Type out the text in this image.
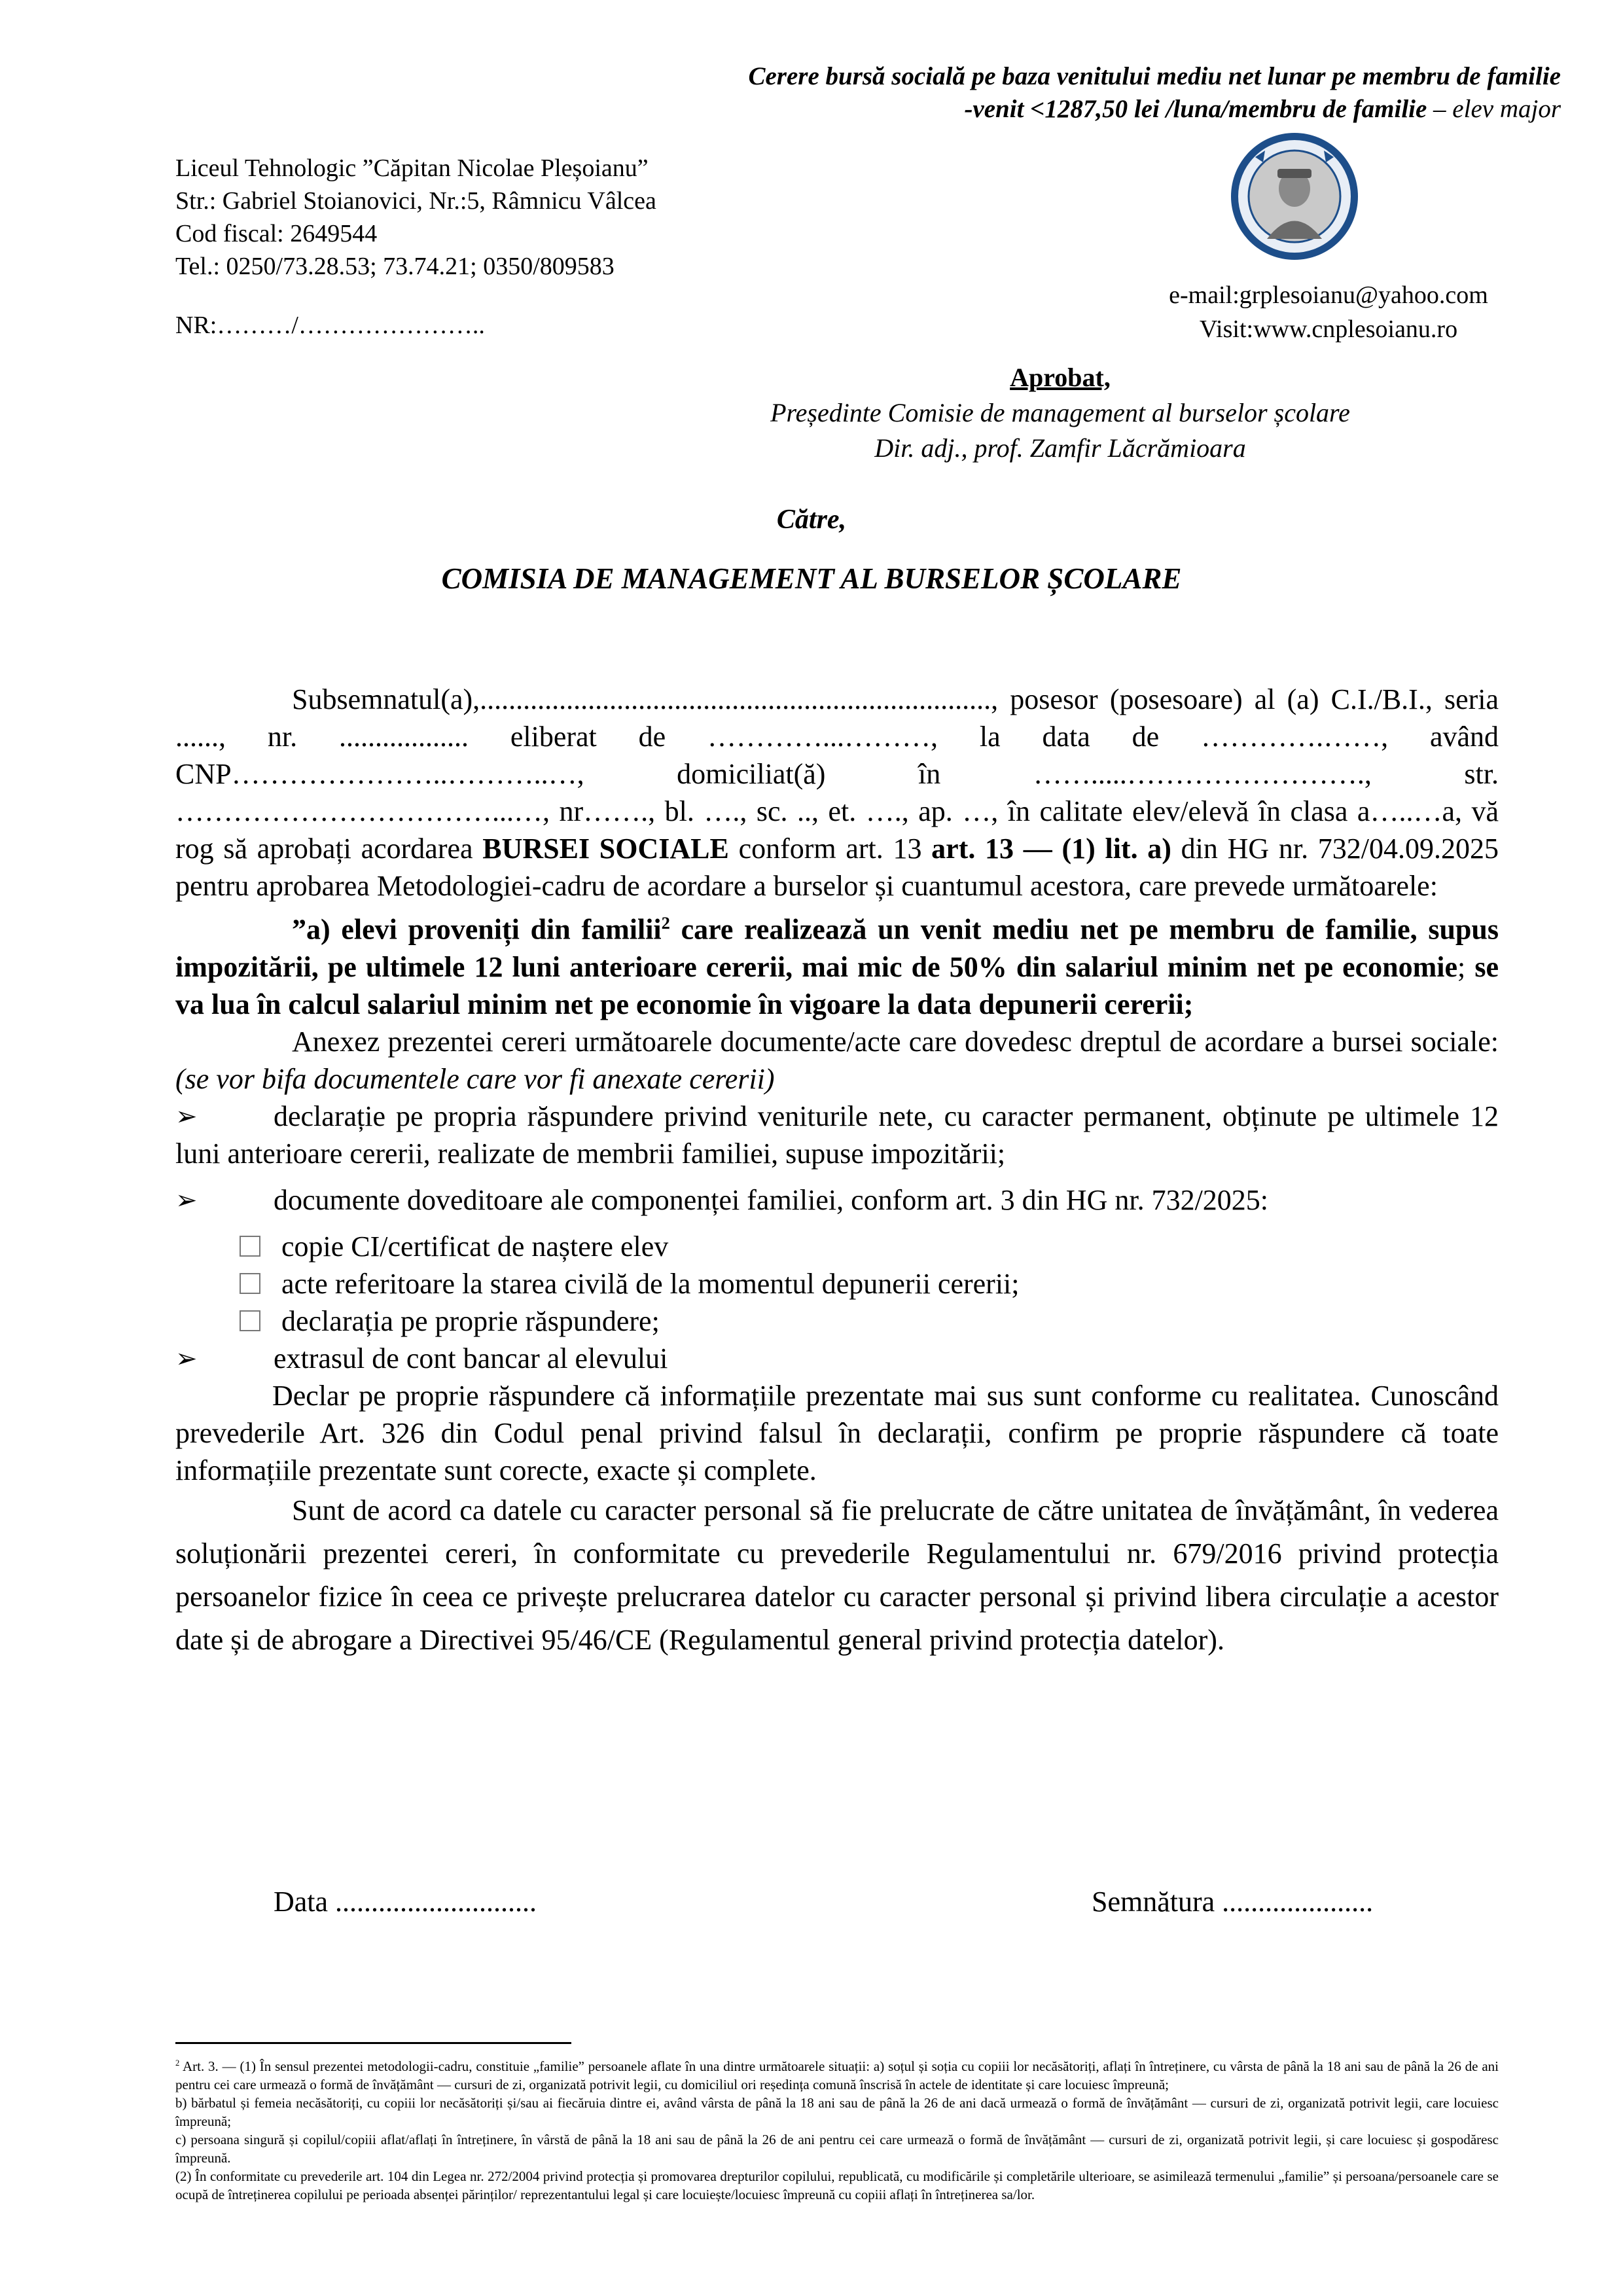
Cerere bursă socială pe baza venitului mediu net lunar pe membru de familie
-venit <1287,50 lei /luna/membru de familie – elev major
Liceul Tehnologic ”Căpitan Nicolae Pleșoianu”
Str.: Gabriel Stoianovici, Nr.:5, Râmnicu Vâlcea
Cod fiscal: 2649544
Tel.: 0250/73.28.53; 73.74.21; 0350/809583
NR:………/…………………..
e-mail:grplesoianu@yahoo.com
Visit:www.cnplesoianu.ro
Aprobat,
Președinte Comisie de management al burselor școlare
Dir. adj., prof. Zamfir Lăcrămioara
Către,
COMISIA DE MANAGEMENT AL BURSELOR ȘCOLARE

Subsemnatul(a),......................................................................., posesor (posesoare) al (a) C.I./B.I., seria ......, nr. .................. eliberat de …………...………, la data de ………….……, având CNP…………………..………..…, domiciliat(ă) în …….....……………………., str. ……………………………...…, nr……., bl. …., sc. .., et. …., ap. …, în calitate elev/elevă în clasa a…..…a, vă rog să aprobați acordarea BURSEI SOCIALE conform art. 13 art. 13 — (1) lit. a) din HG nr. 732/04.09.2025 pentru aprobarea Metodologiei-cadru de acordare a burselor și cuantumul acestora, care prevede următoarele:

”a) elevi proveniți din familii$^2$ care realizează un venit mediu net pe membru de familie, supus impozitării, pe ultimele 12 luni anterioare cererii, mai mic de 50% din salariul minim net pe economie; se va lua în calcul salariul minim net pe economie în vigoare la data depunerii cererii;

Anexez prezentei cereri următoarele documente/acte care dovedesc dreptul de acordare a bursei sociale: (se vor bifa documentele care vor fi anexate cererii)

➢	declarație pe propria răspundere privind veniturile nete, cu caracter permanent, obținute pe ultimele 12 luni anterioare cererii, realizate de membrii familiei, supuse impozitării;
➢	documente doveditoare ale componenței familiei, conform art. 3 din HG nr. 732/2025:
copie CI/certificat de naștere elev
acte referitoare la starea civilă de la momentul depunerii cererii;
declarația pe proprie răspundere;
➢	extrasul de cont bancar al elevului

Declar pe proprie răspundere că informațiile prezentate mai sus sunt conforme cu realitatea. Cunoscând prevederile Art. 326 din Codul penal privind falsul în declarații, confirm pe proprie răspundere că toate informațiile prezentate sunt corecte, exacte și complete.

Sunt de acord ca datele cu caracter personal să fie prelucrate de către unitatea de învățământ, în vederea soluționării prezentei cereri, în conformitate cu prevederile Regulamentului nr. 679/2016 privind protecția persoanelor fizice în ceea ce privește prelucrarea datelor cu caracter personal și privind libera circulație a acestor date și de abrogare a Directivei 95/46/CE (Regulamentul general privind protecția datelor).

Data ............................	Semnătura .....................

$^2$ Art. 3. — (1) În sensul prezentei metodologii-cadru, constituie „familie” persoanele aflate în una dintre următoarele situații: a) soțul și soția cu copiii lor necăsătoriți, aflați în întreținere, cu vârsta de până la 18 ani sau de până la 26 de ani pentru cei care urmează o formă de învățământ — cursuri de zi, organizată potrivit legii, cu domiciliul ori reședința comună înscrisă în actele de identitate și care locuiesc împreună;

b) bărbatul și femeia necăsătoriți, cu copiii lor necăsătoriți și/sau ai fiecăruia dintre ei, având vârsta de până la 18 ani sau de până la 26 de ani dacă urmează o formă de învățământ — cursuri de zi, organizată potrivit legii, care locuiesc împreună;

c) persoana singură și copilul/copiii aflat/aflați în întreținere, în vârstă de până la 18 ani sau de până la 26 de ani pentru cei care urmează o formă de învățământ — cursuri de zi, organizată potrivit legii, și care locuiesc și gospodăresc împreună.

(2) În conformitate cu prevederile art. 104 din Legea nr. 272/2004 privind protecția și promovarea drepturilor copilului, republicată, cu modificările și completările ulterioare, se asimilează termenului „familie” și persoana/persoanele care se ocupă de întreținerea copilului pe perioada absenței părinților/ reprezentantului legal și care locuiește/locuiesc împreună cu copiii aflați în întreținerea sa/lor.
